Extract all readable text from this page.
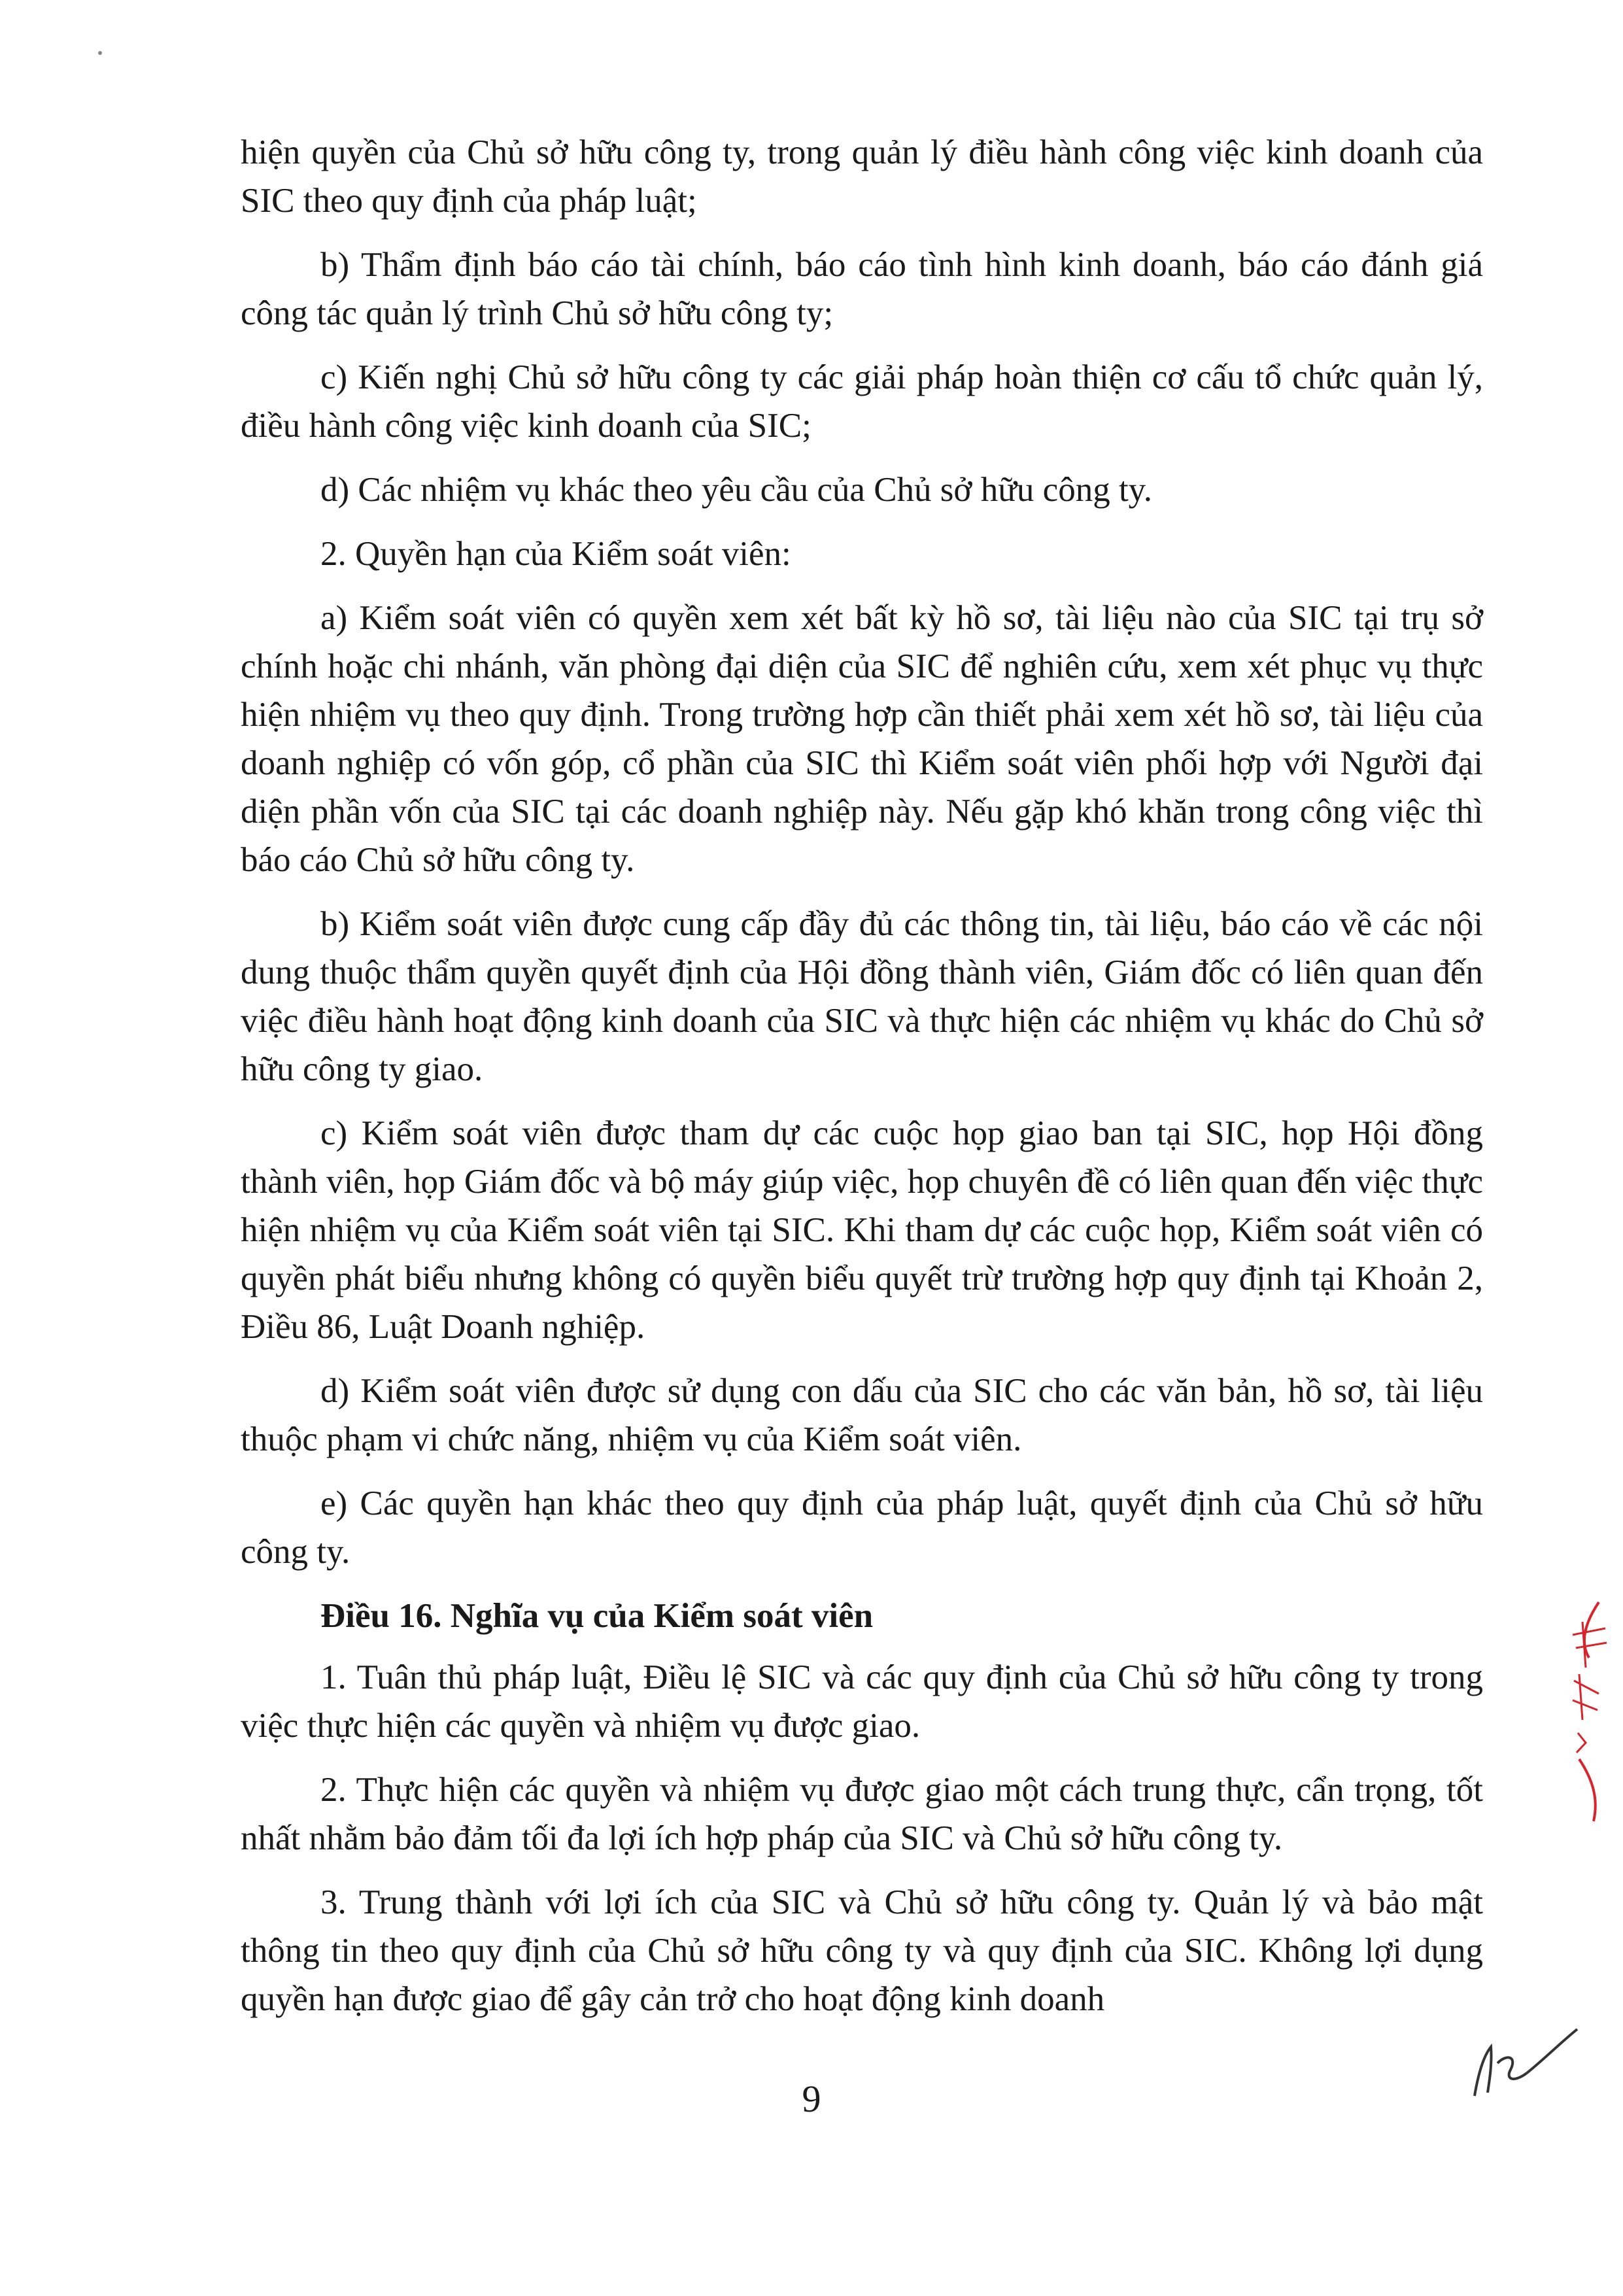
hiện quyền của Chủ sở hữu công ty, trong quản lý điều hành công việc kinh doanh của SIC theo quy định của pháp luật;

b) Thẩm định báo cáo tài chính, báo cáo tình hình kinh doanh, báo cáo đánh giá công tác quản lý trình Chủ sở hữu công ty;

c) Kiến nghị Chủ sở hữu công ty các giải pháp hoàn thiện cơ cấu tổ chức quản lý, điều hành công việc kinh doanh của SIC;

d) Các nhiệm vụ khác theo yêu cầu của Chủ sở hữu công ty.

2. Quyền hạn của Kiểm soát viên:

a) Kiểm soát viên có quyền xem xét bất kỳ hồ sơ, tài liệu nào của SIC tại trụ sở chính hoặc chi nhánh, văn phòng đại diện của SIC để nghiên cứu, xem xét phục vụ thực hiện nhiệm vụ theo quy định. Trong trường hợp cần thiết phải xem xét hồ sơ, tài liệu của doanh nghiệp có vốn góp, cổ phần của SIC thì Kiểm soát viên phối hợp với Người đại diện phần vốn của SIC tại các doanh nghiệp này. Nếu gặp khó khăn trong công việc thì báo cáo Chủ sở hữu công ty.

b) Kiểm soát viên được cung cấp đầy đủ các thông tin, tài liệu, báo cáo về các nội dung thuộc thẩm quyền quyết định của Hội đồng thành viên, Giám đốc có liên quan đến việc điều hành hoạt động kinh doanh của SIC và thực hiện các nhiệm vụ khác do Chủ sở hữu công ty giao.

c) Kiểm soát viên được tham dự các cuộc họp giao ban tại SIC, họp Hội đồng thành viên, họp Giám đốc và bộ máy giúp việc, họp chuyên đề có liên quan đến việc thực hiện nhiệm vụ của Kiểm soát viên tại SIC. Khi tham dự các cuộc họp, Kiểm soát viên có quyền phát biểu nhưng không có quyền biểu quyết trừ trường hợp quy định tại Khoản 2, Điều 86, Luật Doanh nghiệp.

d) Kiểm soát viên được sử dụng con dấu của SIC cho các văn bản, hồ sơ, tài liệu thuộc phạm vi chức năng, nhiệm vụ của Kiểm soát viên.

e) Các quyền hạn khác theo quy định của pháp luật, quyết định của Chủ sở hữu công ty.

Điều 16. Nghĩa vụ của Kiểm soát viên

1. Tuân thủ pháp luật, Điều lệ SIC và các quy định của Chủ sở hữu công ty trong việc thực hiện các quyền và nhiệm vụ được giao.

2. Thực hiện các quyền và nhiệm vụ được giao một cách trung thực, cẩn trọng, tốt nhất nhằm bảo đảm tối đa lợi ích hợp pháp của SIC và Chủ sở hữu công ty.

3. Trung thành với lợi ích của SIC và Chủ sở hữu công ty. Quản lý và bảo mật thông tin theo quy định của Chủ sở hữu công ty và quy định của SIC. Không lợi dụng quyền hạn được giao để gây cản trở cho hoạt động kinh doanh

9
